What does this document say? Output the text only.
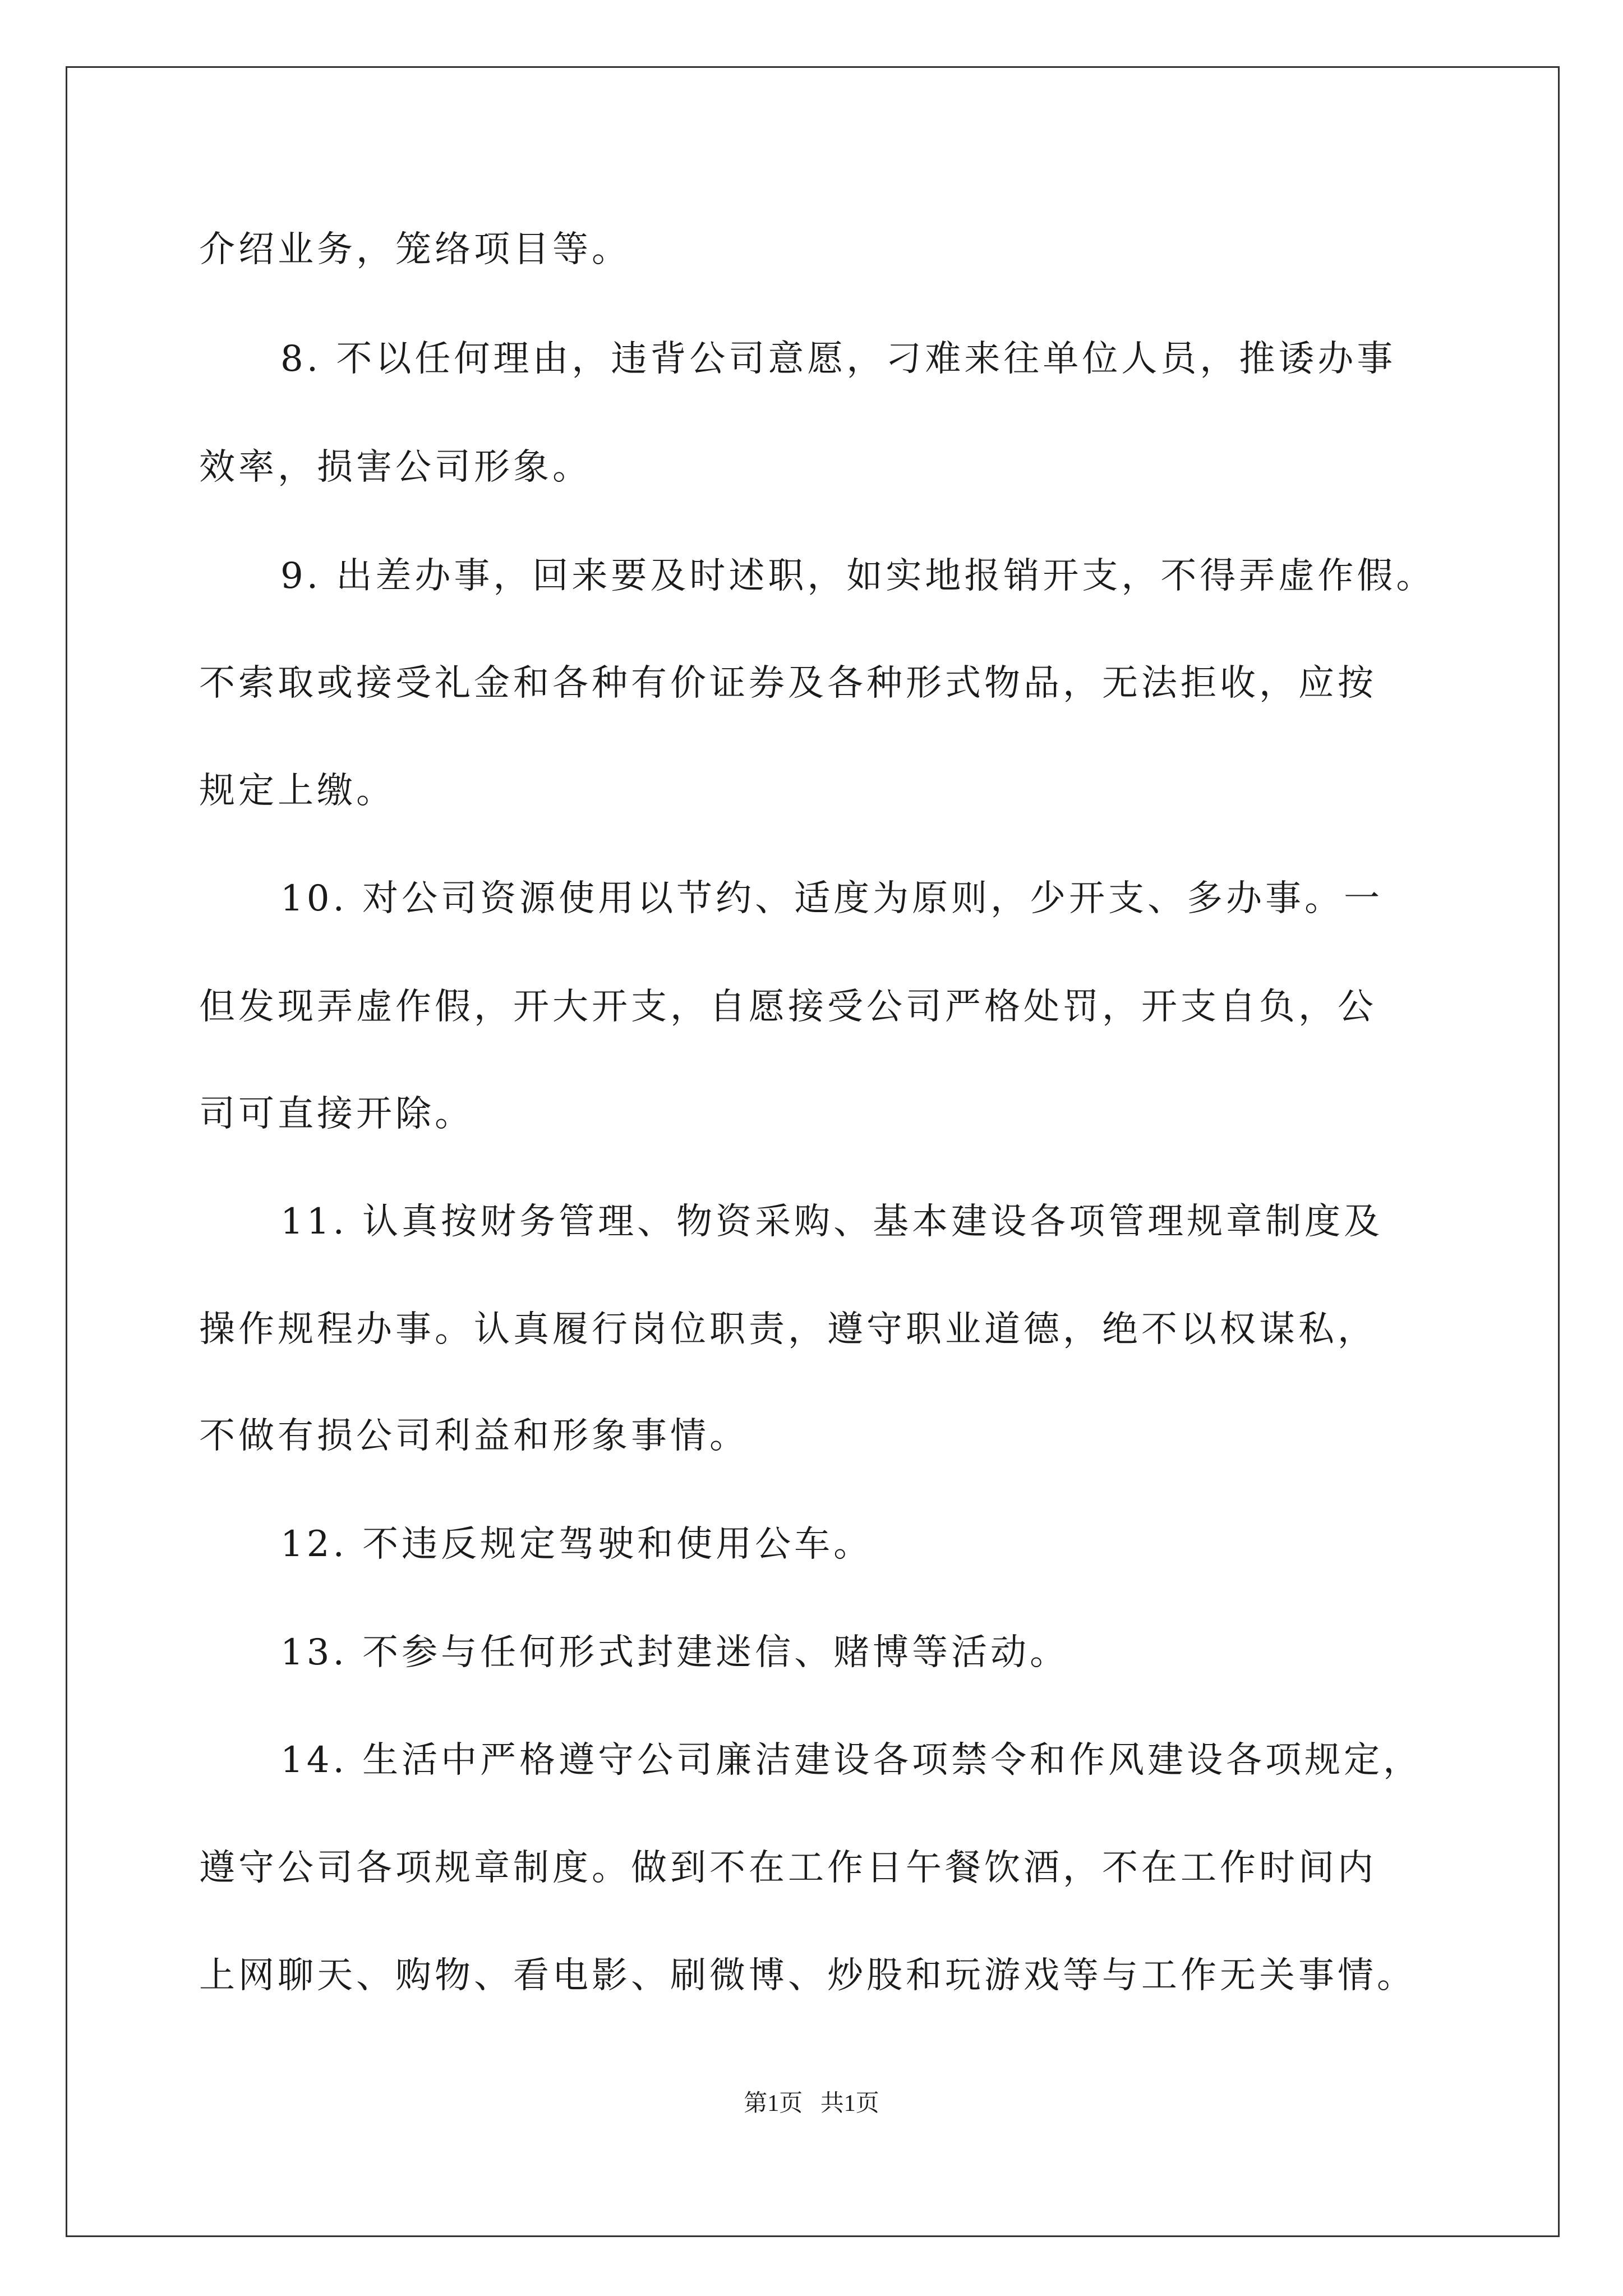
介绍业务，笼络项目等。
8. 不以任何理由，违背公司意愿，刁难来往单位人员，推诿办事
效率，损害公司形象。
9. 出差办事，回来要及时述职，如实地报销开支，不得弄虚作假。
不索取或接受礼金和各种有价证券及各种形式物品，无法拒收，应按
规定上缴。
10. 对公司资源使用以节约、适度为原则，少开支、多办事。一
但发现弄虚作假，开大开支，自愿接受公司严格处罚，开支自负，公
司可直接开除。
11. 认真按财务管理、物资采购、基本建设各项管理规章制度及
操作规程办事。认真履行岗位职责，遵守职业道德，绝不以权谋私，
不做有损公司利益和形象事情。
12. 不违反规定驾驶和使用公车。
13. 不参与任何形式封建迷信、赌博等活动。
14. 生活中严格遵守公司廉洁建设各项禁令和作风建设各项规定，
遵守公司各项规章制度。做到不在工作日午餐饮酒，不在工作时间内
上网聊天、购物、看电影、刷微博、炒股和玩游戏等与工作无关事情。
第1页   共1页
